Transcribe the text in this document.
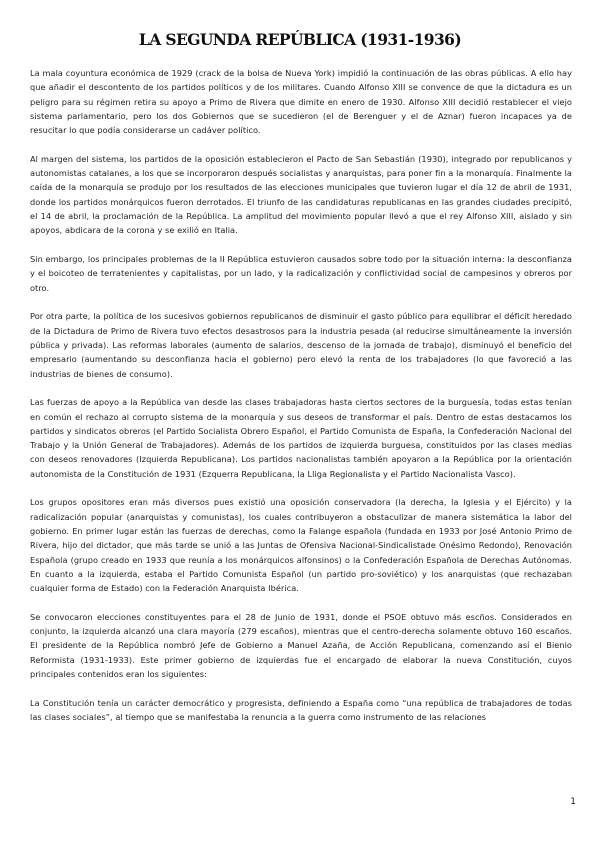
LA SEGUNDA REPÚBLICA (1931-1936)

La mala coyuntura económica de 1929 (crack de la bolsa de Nueva York) impidió la continuación de las obras públicas. A ello hay que añadir el descontento de los partidos políticos y de los militares. Cuando Alfonso XIII se convence de que la dictadura es un peligro para su régimen retira su apoyo a Primo de Rivera que dimite en enero de 1930. Alfonso XIII decidió restablecer el viejo sistema parlamentario, pero los dos Gobiernos que se sucedieron (el de Berenguer y el de Aznar) fueron incapaces ya de resucitar lo que podía considerarse un cadáver político.

Al margen del sistema, los partidos de la oposición establecieron el Pacto de San Sebastián (1930), integrado por republicanos y autonomistas catalanes, a los que se incorporaron después socialistas y anarquistas, para poner fin a la monarquía. Finalmente la caída de la monarquía se produjo por los resultados de las elecciones municipales que tuvieron lugar el día 12 de abril de 1931, donde los partidos monárquicos fueron derrotados. El triunfo de las candidaturas republicanas en las grandes ciudades precipitó, el 14 de abril, la proclamación de la República. La amplitud del movimiento popular llevó a que el rey Alfonso XIII, aislado y sin apoyos, abdicara de la corona y se exilió en Italia.

Sin embargo, los principales problemas de la II República estuvieron causados sobre todo por la situación interna: la desconfianza y el boicoteo de terratenientes y capitalistas, por un lado, y la radicalización y conflictividad social de campesinos y obreros por otro.

Por otra parte, la política de los sucesivos gobiernos republicanos de disminuir el gasto público para equilibrar el déficit heredado de la Dictadura de Primo de Rivera tuvo efectos desastrosos para la industria pesada (al reducirse simultáneamente la inversión pública y privada). Las reformas laborales (aumento de salarios, descenso de la jornada de trabajo), disminuyó el beneficio del empresario (aumentando su desconfianza hacia el gobierno) pero elevó la renta de los trabajadores (lo que favoreció a las industrias de bienes de consumo).

Las fuerzas de apoyo a la República van desde las clases trabajadoras hasta ciertos sectores de la burguesía, todas estas tenían en común el rechazo al corrupto sistema de la monarquía y sus deseos de transformar el país. Dentro de estas destacamos los partidos y sindicatos obreros (el Partido Socialista Obrero Español, el Partido Comunista de España, la Confederación Nacional del Trabajo y la Unión General de Trabajadores). Además de los partidos de izquierda burguesa, constituidos por las clases medias con deseos renovadores (Izquierda Republicana). Los partidos nacionalistas también apoyaron a la República por la orientación autonomista de la Constitución de 1931 (Ezquerra Republicana, la Lliga Regionalista y el Partido Nacionalista Vasco).

Los grupos opositores eran más diversos pues existió una oposición conservadora (la derecha, la Iglesia y el Ejército) y la radicalización popular (anarquistas y comunistas), los cuales contribuyeron a obstaculizar de manera sistemática la labor del gobierno. En primer lugar están las fuerzas de derechas, como la Falange española (fundada en 1933 por José Antonio Primo de Rivera, hijo del dictador, que más tarde se unió a las Juntas de Ofensiva Nacional-Sindicalistade Onésimo Redondo), Renovación Española (grupo creado en 1933 que reunía a los monárquicos alfonsinos) o la Confederación Española de Derechas Autónomas. En cuanto a la izquierda, estaba el Partido Comunista Español (un partido pro-soviético) y los anarquistas (que rechazaban cualquier forma de Estado) con la Federación Anarquista Ibérica.

Se convocaron elecciones constituyentes para el 28 de Junio de 1931, donde el PSOE obtuvo más escños. Considerados en conjunto, la izquierda alcanzó una clara mayoría (279 escaños), mientras que el centro-derecha solamente obtuvo 160 escaños. El presidente de la República nombró Jefe de Gobierno a Manuel Azaña, de Acción Republicana, comenzando así el Bienio Reformista (1931-1933). Este primer gobierno de izquierdas fue el encargado de elaborar la nueva Constitución, cuyos principales contenidos eran los siguientes:

La Constitución tenía un carácter democrático y progresista, definiendo a España como “una república de trabajadores de todas las clases sociales”, al tiempo que se manifestaba la renuncia a la guerra como instrumento de las relaciones

1
